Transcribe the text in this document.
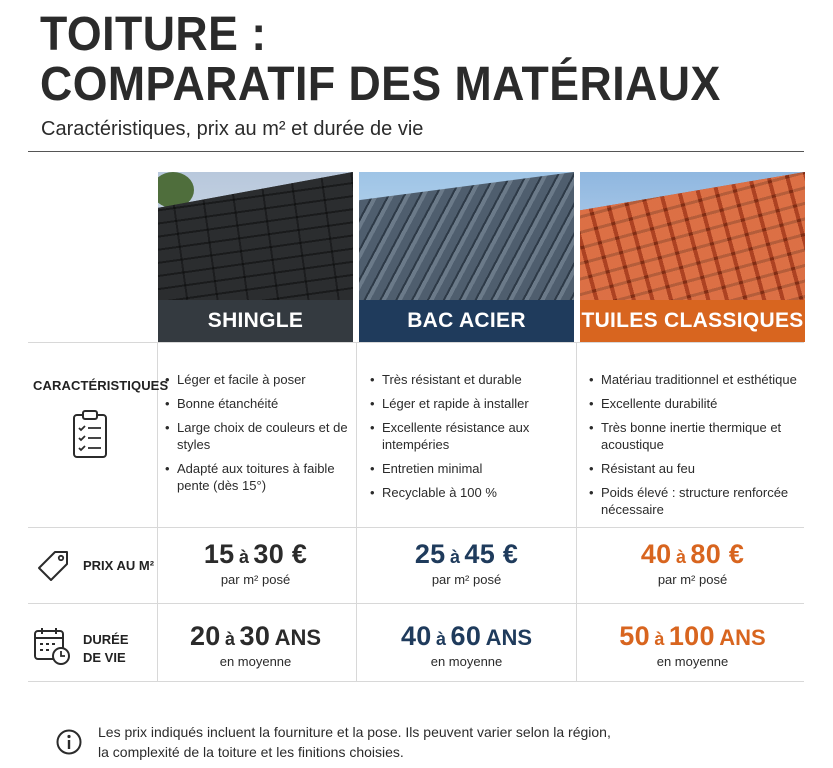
TOITURE :
COMPARATIF DES MATÉRIAUX
Caractéristiques, prix au m² et durée de vie
SHINGLE	BAC ACIER	TUILES CLASSIQUES
CARACTÉRISTIQUES
• Léger et facile à poser
• Bonne étanchéité
• Large choix de couleurs et de styles
• Adapté aux toitures à faible pente (dès 15°)
• Très résistant et durable
• Léger et rapide à installer
• Excellente résistance aux intempéries
• Entretien minimal
• Recyclable à 100 %
• Matériau traditionnel et esthétique
• Excellente durabilité
• Très bonne inertie thermique et acoustique
• Résistant au feu
• Poids élevé : structure renforcée nécessaire
PRIX AU M²	15 à 30 €
par m² posé
25 à 45 €
par m² posé
40 à 80 €
par m² posé
DURÉE
DE VIE
20 à 30 ANS
en moyenne
40 à 60 ANS
en moyenne
50 à 100 ANS
en moyenne
Les prix indiqués incluent la fourniture et la pose. Ils peuvent varier selon la région,
la complexité de la toiture et les finitions choisies.
